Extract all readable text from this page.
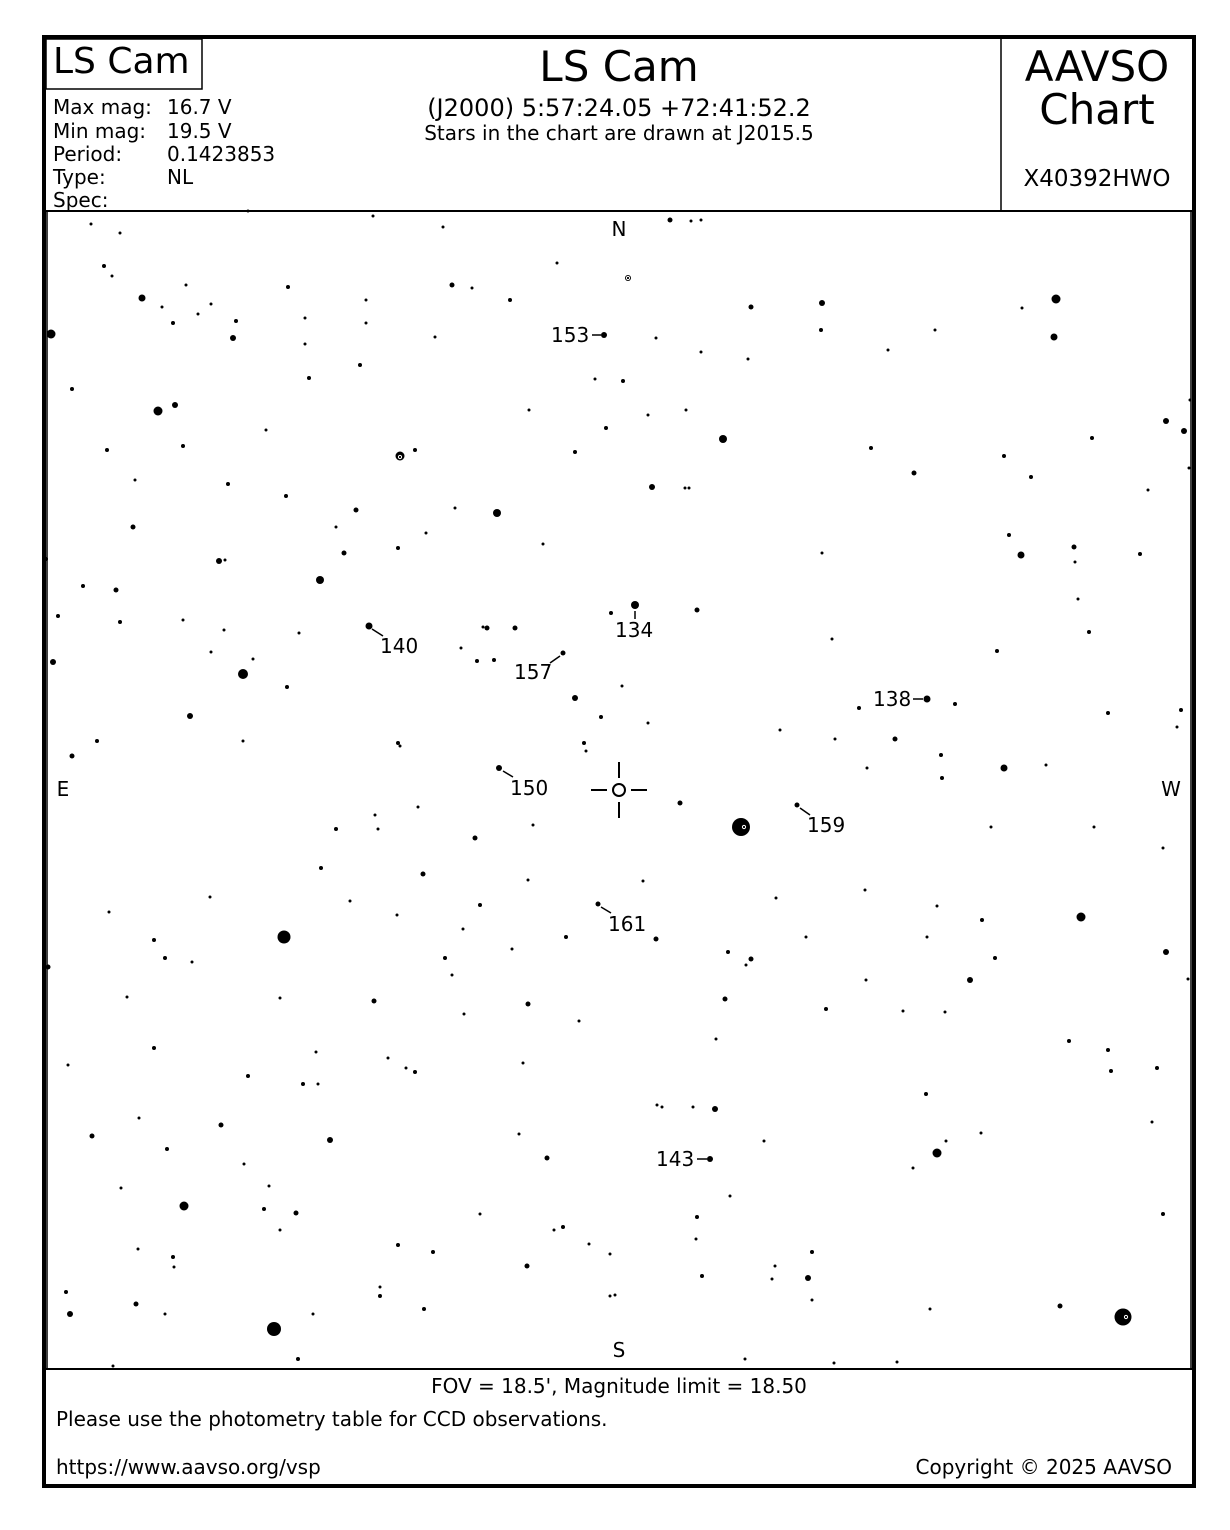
LS Cam	LS Cam
(J2000) 5:57:24.05 +72:41:52.2
Stars in the chart are drawn at J2015.5
AAVSO
Chart
X40392HWO
Max mag: 16.7 V
Min mag: 19.5 V
Period: 0.1423853
Type:	NL
Spec:
153
134
140
157
138
150
159
161
143
N
S
E	W
FOV = 18.5', Magnitude limit = 18.50
Please use the photometry table for CCD observations.
https://www.aavso.org/vsp	Copyright © 2025 AAVSO
